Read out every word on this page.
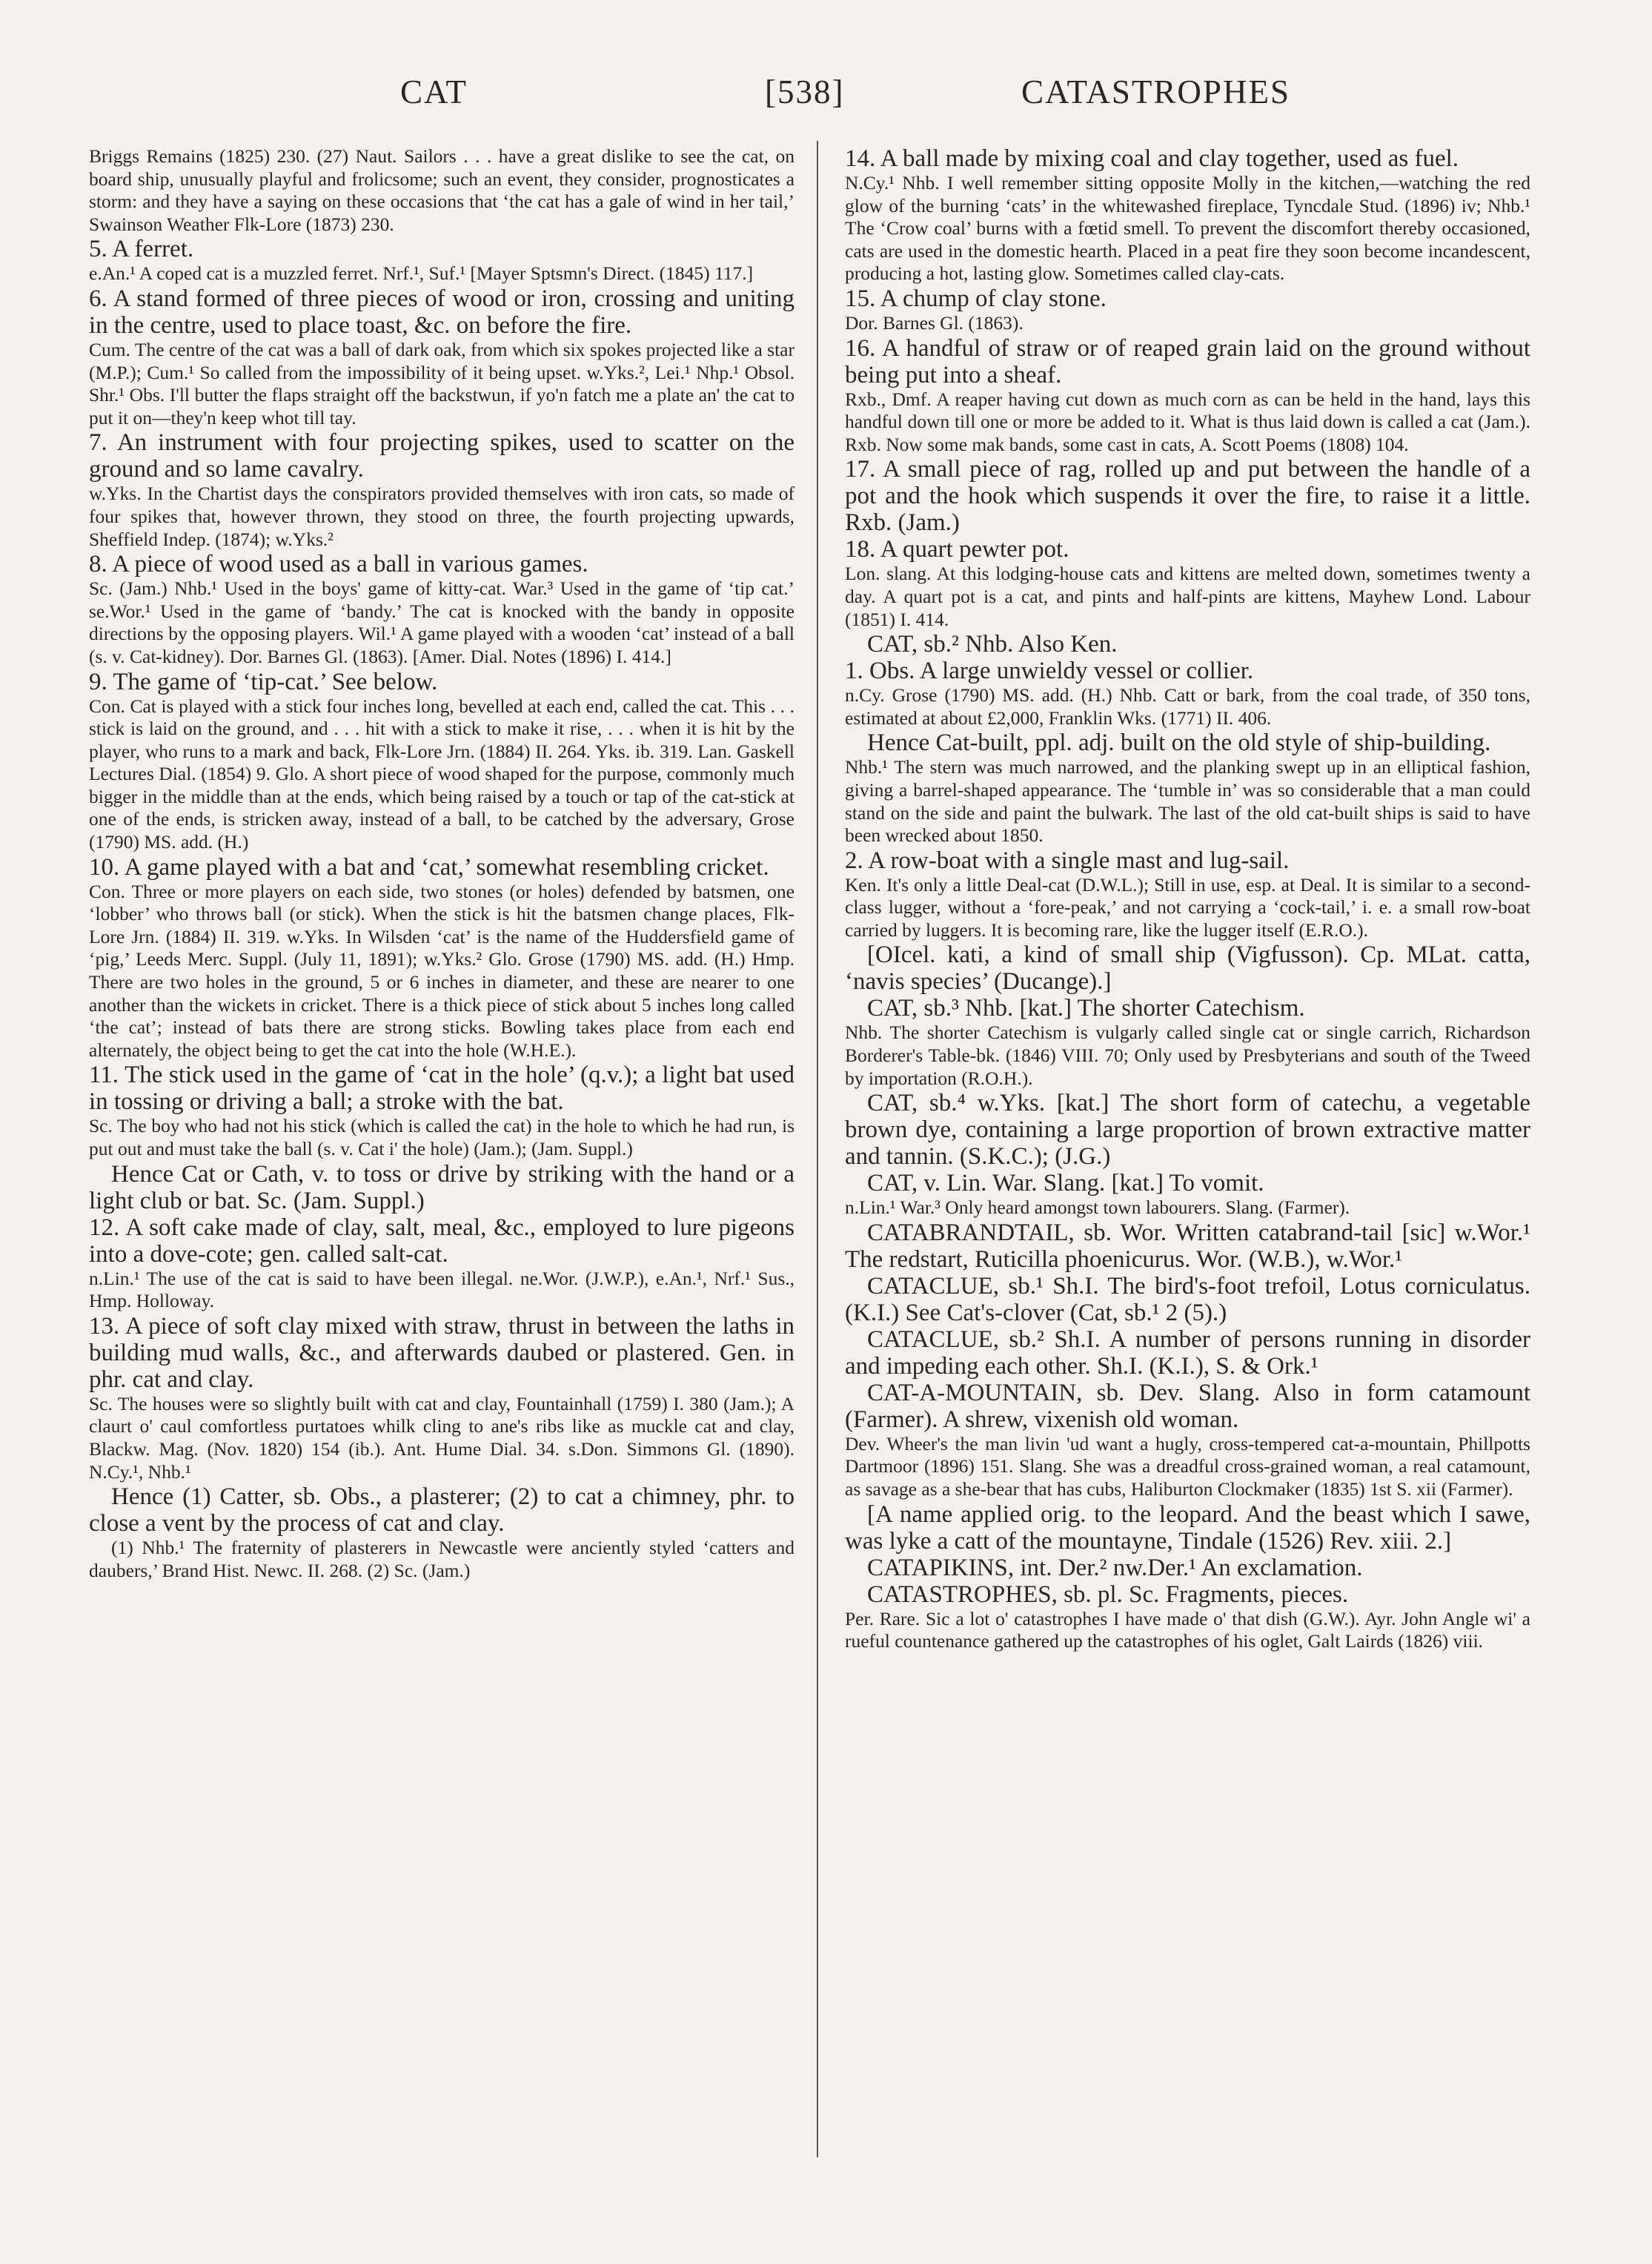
CAT	[538]	CATASTROPHES

Briggs Remains (1825) 230. (27) Naut. Sailors . . . have a great dislike to see the cat, on board ship, unusually playful and frolicsome; such an event, they consider, prognosticates a storm: and they have a saying on these occasions that ‘the cat has a gale of wind in her tail,’ Swainson Weather Flk-Lore (1873) 230.

5. A ferret.

e.An.¹ A coped cat is a muzzled ferret. Nrf.¹, Suf.¹ [Mayer Sptsmn's Direct. (1845) 117.]

6. A stand formed of three pieces of wood or iron, crossing and uniting in the centre, used to place toast, &c. on before the fire.

Cum. The centre of the cat was a ball of dark oak, from which six spokes projected like a star (M.P.); Cum.¹ So called from the impossibility of it being upset. w.Yks.², Lei.¹ Nhp.¹ Obsol. Shr.¹ Obs. I'll butter the flaps straight off the backstwun, if yo'n fatch me a plate an' the cat to put it on—they'n keep whot till tay.

7. An instrument with four projecting spikes, used to scatter on the ground and so lame cavalry.

w.Yks. In the Chartist days the conspirators provided themselves with iron cats, so made of four spikes that, however thrown, they stood on three, the fourth projecting upwards, Sheffield Indep. (1874); w.Yks.²

8. A piece of wood used as a ball in various games.

Sc. (Jam.) Nhb.¹ Used in the boys' game of kitty-cat. War.³ Used in the game of ‘tip cat.’ se.Wor.¹ Used in the game of ‘bandy.’ The cat is knocked with the bandy in opposite directions by the opposing players. Wil.¹ A game played with a wooden ‘cat’ instead of a ball (s. v. Cat-kidney). Dor. Barnes Gl. (1863). [Amer. Dial. Notes (1896) I. 414.]

9. The game of ‘tip-cat.’ See below.

Con. Cat is played with a stick four inches long, bevelled at each end, called the cat. This . . . stick is laid on the ground, and . . . hit with a stick to make it rise, . . . when it is hit by the player, who runs to a mark and back, Flk-Lore Jrn. (1884) II. 264. Yks. ib. 319. Lan. Gaskell Lectures Dial. (1854) 9. Glo. A short piece of wood shaped for the purpose, commonly much bigger in the middle than at the ends, which being raised by a touch or tap of the cat-stick at one of the ends, is stricken away, instead of a ball, to be catched by the adversary, Grose (1790) MS. add. (H.)

10. A game played with a bat and ‘cat,’ somewhat resembling cricket.

Con. Three or more players on each side, two stones (or holes) defended by batsmen, one ‘lobber’ who throws ball (or stick). When the stick is hit the batsmen change places, Flk-Lore Jrn. (1884) II. 319. w.Yks. In Wilsden ‘cat’ is the name of the Huddersfield game of ‘pig,’ Leeds Merc. Suppl. (July 11, 1891); w.Yks.² Glo. Grose (1790) MS. add. (H.) Hmp. There are two holes in the ground, 5 or 6 inches in diameter, and these are nearer to one another than the wickets in cricket. There is a thick piece of stick about 5 inches long called ‘the cat’; instead of bats there are strong sticks. Bowling takes place from each end alternately, the object being to get the cat into the hole (W.H.E.).

11. The stick used in the game of ‘cat in the hole’ (q.v.); a light bat used in tossing or driving a ball; a stroke with the bat.

Sc. The boy who had not his stick (which is called the cat) in the hole to which he had run, is put out and must take the ball (s. v. Cat i' the hole) (Jam.); (Jam. Suppl.)

Hence Cat or Cath, v. to toss or drive by striking with the hand or a light club or bat. Sc. (Jam. Suppl.)

12. A soft cake made of clay, salt, meal, &c., employed to lure pigeons into a dove-cote; gen. called salt-cat.

n.Lin.¹ The use of the cat is said to have been illegal. ne.Wor. (J.W.P.), e.An.¹, Nrf.¹ Sus., Hmp. Holloway.

13. A piece of soft clay mixed with straw, thrust in between the laths in building mud walls, &c., and afterwards daubed or plastered. Gen. in phr. cat and clay.

Sc. The houses were so slightly built with cat and clay, Fountainhall (1759) I. 380 (Jam.); A claurt o' caul comfortless purtatoes whilk cling to ane's ribs like as muckle cat and clay, Blackw. Mag. (Nov. 1820) 154 (ib.). Ant. Hume Dial. 34. s.Don. Simmons Gl. (1890). N.Cy.¹, Nhb.¹

Hence (1) Catter, sb. Obs., a plasterer; (2) to cat a chimney, phr. to close a vent by the process of cat and clay.

(1) Nhb.¹ The fraternity of plasterers in Newcastle were anciently styled ‘catters and daubers,’ Brand Hist. Newc. II. 268. (2) Sc. (Jam.)

14. A ball made by mixing coal and clay together, used as fuel.

N.Cy.¹ Nhb. I well remember sitting opposite Molly in the kitchen,—watching the red glow of the burning ‘cats’ in the whitewashed fireplace, Tyncdale Stud. (1896) iv; Nhb.¹ The ‘Crow coal’ burns with a fœtid smell. To prevent the discomfort thereby occasioned, cats are used in the domestic hearth. Placed in a peat fire they soon become incandescent, producing a hot, lasting glow. Sometimes called clay-cats.

15. A chump of clay stone.

Dor. Barnes Gl. (1863).

16. A handful of straw or of reaped grain laid on the ground without being put into a sheaf.

Rxb., Dmf. A reaper having cut down as much corn as can be held in the hand, lays this handful down till one or more be added to it. What is thus laid down is called a cat (Jam.). Rxb. Now some mak bands, some cast in cats, A. Scott Poems (1808) 104.

17. A small piece of rag, rolled up and put between the handle of a pot and the hook which suspends it over the fire, to raise it a little. Rxb. (Jam.)

18. A quart pewter pot.

Lon. slang. At this lodging-house cats and kittens are melted down, sometimes twenty a day. A quart pot is a cat, and pints and half-pints are kittens, Mayhew Lond. Labour (1851) I. 414.

CAT, sb.² Nhb. Also Ken.

1. Obs. A large unwieldy vessel or collier.

n.Cy. Grose (1790) MS. add. (H.) Nhb. Catt or bark, from the coal trade, of 350 tons, estimated at about £2,000, Franklin Wks. (1771) II. 406.

Hence Cat-built, ppl. adj. built on the old style of ship-building.

Nhb.¹ The stern was much narrowed, and the planking swept up in an elliptical fashion, giving a barrel-shaped appearance. The ‘tumble in’ was so considerable that a man could stand on the side and paint the bulwark. The last of the old cat-built ships is said to have been wrecked about 1850.

2. A row-boat with a single mast and lug-sail.

Ken. It's only a little Deal-cat (D.W.L.); Still in use, esp. at Deal. It is similar to a second-class lugger, without a ‘fore-peak,’ and not carrying a ‘cock-tail,’ i. e. a small row-boat carried by luggers. It is becoming rare, like the lugger itself (E.R.O.).

[OIcel. kati, a kind of small ship (Vigfusson). Cp. MLat. catta, ‘navis species’ (Ducange).]

CAT, sb.³ Nhb. [kat.] The shorter Catechism.

Nhb. The shorter Catechism is vulgarly called single cat or single carrich, Richardson Borderer's Table-bk. (1846) VIII. 70; Only used by Presbyterians and south of the Tweed by importation (R.O.H.).

CAT, sb.⁴ w.Yks. [kat.] The short form of catechu, a vegetable brown dye, containing a large proportion of brown extractive matter and tannin. (S.K.C.); (J.G.)

CAT, v. Lin. War. Slang. [kat.] To vomit.

n.Lin.¹ War.³ Only heard amongst town labourers. Slang. (Farmer).

CATABRANDTAIL, sb. Wor. Written catabrand-tail [sic] w.Wor.¹ The redstart, Ruticilla phoenicurus. Wor. (W.B.), w.Wor.¹

CATACLUE, sb.¹ Sh.I. The bird's-foot trefoil, Lotus corniculatus. (K.I.) See Cat's-clover (Cat, sb.¹ 2 (5).)

CATACLUE, sb.² Sh.I. A number of persons running in disorder and impeding each other. Sh.I. (K.I.), S. & Ork.¹

CAT-A-MOUNTAIN, sb. Dev. Slang. Also in form catamount (Farmer). A shrew, vixenish old woman.

Dev. Wheer's the man livin 'ud want a hugly, cross-tempered cat-a-mountain, Phillpotts Dartmoor (1896) 151. Slang. She was a dreadful cross-grained woman, a real catamount, as savage as a she-bear that has cubs, Haliburton Clockmaker (1835) 1st S. xii (Farmer).

[A name applied orig. to the leopard. And the beast which I sawe, was lyke a catt of the mountayne, Tindale (1526) Rev. xiii. 2.]

CATAPIKINS, int. Der.² nw.Der.¹ An exclamation.

CATASTROPHES, sb. pl. Sc. Fragments, pieces.

Per. Rare. Sic a lot o' catastrophes I have made o' that dish (G.W.). Ayr. John Angle wi' a rueful countenance gathered up the catastrophes of his oglet, Galt Lairds (1826) viii.
